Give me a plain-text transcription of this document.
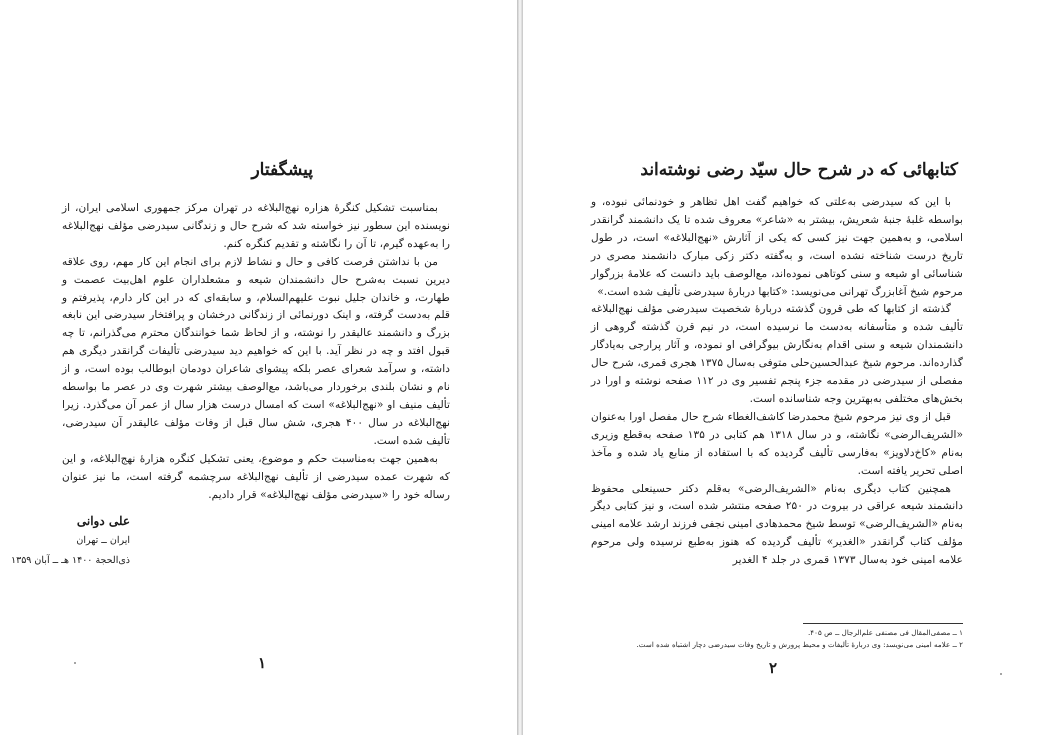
پیشگفتار

بمناسبت تشکیل کنگرهٔ هزاره نهج‌البلاغه در تهران مرکز جمهوری اسلامی ایران، از نویسنده این سطور نیز خواسته شد که شرح حال و زندگانی سیدرضی مؤلف نهج‌البلاغه را به‌عهده گیرم، تا آن را نگاشته و تقدیم کنگره کنم.

من با نداشتن فرصت کافی و حال و نشاط لازم برای انجام این کار مهم، روی علاقه دیرین نسبت به‌شرح حال دانشمندان شیعه و مشعلداران علوم اهل‌بیت عصمت و طهارت، و خاندان جلیل نبوت علیهم‌السلام، و سابقه‌ای که در این کار دارم، پذیرفتم و قلم به‌دست گرفته، و اینک دورنمائی از زندگانی درخشان و پرافتخار سیدرضی این نابغه بزرگ و دانشمند عالیقدر را نوشته، و از لحاظ شما خوانندگان محترم می‌گذرانم، تا چه قبول افتد و چه در نظر آید. با این که خواهیم دید سیدرضی تألیفات گرانقدر دیگری هم داشته، و سرآمد شعرای عصر بلکه پیشوای شاعران دودمان ابوطالب بوده است، و از نام و نشان بلندی برخوردار می‌باشد، مع‌الوصف بیشتر شهرت وی در عصر ما بواسطه تألیف منیف او «نهج‌البلاغه» است که امسال درست هزار سال از عمر آن می‌گذرد. زیرا نهج‌البلاغه در سال ۴۰۰ هجری، شش سال قبل از وفات مؤلف عالیقدر آن سیدرضی، تألیف شده است.

به‌همین جهت به‌مناسبت حکم و موضوع، یعنی تشکیل کنگره هزارهٔ نهج‌البلاغه، و این که شهرت عمده سیدرضی از تألیف نهج‌البلاغه سرچشمه گرفته است، ما نیز عنوان رساله خود را «سیدرضی مؤلف نهج‌البلاغه» قرار دادیم.

علی دوانی
ایران ــ تهران
ذی‌الحجة ۱۴۰۰ هـ ــ آبان ۱۳۵۹
۱
کتابهائی که در شرح حال سیّد رضی نوشته‌اند

با این که سیدرضی به‌علتی که خواهیم گفت اهل تظاهر و خودنمائی نبوده، و بواسطه غلبهٔ جنبهٔ شعریش، بیشتر به «شاعر» معروف شده تا یک دانشمند گرانقدر اسلامی، و به‌همین جهت نیز کسی که یکی از آثارش «نهج‌البلاغه» است، در طول تاریخ درست شناخته نشده است، و به‌گفته دکتر زکی مبارک دانشمند مصری در شناسائی او شیعه و سنی کوتاهی نموده‌اند، مع‌الوصف باید دانست که علامهٔ بزرگوار مرحوم شیخ آغابزرگ تهرانی می‌نویسد: «کتابها دربارهٔ سیدرضی تألیف شده است.»

گذشته از کتابها که طی قرون گذشته دربارهٔ شخصیت سیدرضی مؤلف نهج‌البلاغه تألیف شده و متأسفانه به‌دست ما نرسیده است، در نیم قرن گذشته گروهی از دانشمندان شیعه و سنی اقدام به‌نگارش بیوگرافی او نموده، و آثار پرارجی به‌یادگار گذارده‌اند. مرحوم شیخ عبدالحسین‌حلی متوفی به‌سال ۱۳۷۵ هجری قمری، شرح حال مفصلی از سیدرضی در مقدمه جزء پنجم تفسیر وی در ۱۱۲ صفحه نوشته و اورا در بخش‌های مختلفی به‌بهترین وجه شناسانده است.

قبل از وی نیز مرحوم شیخ محمدرضا کاشف‌الغطاء شرح حال مفصل اورا به‌عنوان «الشریف‌الرضی» نگاشته، و در سال ۱۳۱۸ هم کتابی در ۱۳۵ صفحه به‌قطع وزیری به‌نام «کاخ‌دلاویز» به‌فارسی تألیف گردیده که با استفاده از منابع یاد شده و مآخذ اصلی تحریر یافته است.

همچنین کتاب دیگری به‌نام «الشریف‌الرضی» به‌قلم دکتر حسینعلی محفوظ دانشمند شیعه عراقی در بیروت در ۲۵۰ صفحه منتشر شده است، و نیز کتابی دیگر به‌نام «الشریف‌الرضی» توسط شیخ محمدهادی امینی نجفی فرزند ارشد علامه امینی مؤلف کتاب گرانقدر «الغدیر» تألیف گردیده که هنوز به‌طبع نرسیده ولی مرحوم علامه امینی خود به‌سال ۱۳۷۳ قمری در جلد ۴ الغدیر

۱ ــ مصفی‌المقال فی مصنفی علم‌الرجال ــ ص ۴۰۵.
۲ ــ علامه امینی می‌نویسد: وی دربارهٔ تألیفات و محیط پرورش و تاریخ وفات سیدرضی دچار اشتباه شده است.
۲
